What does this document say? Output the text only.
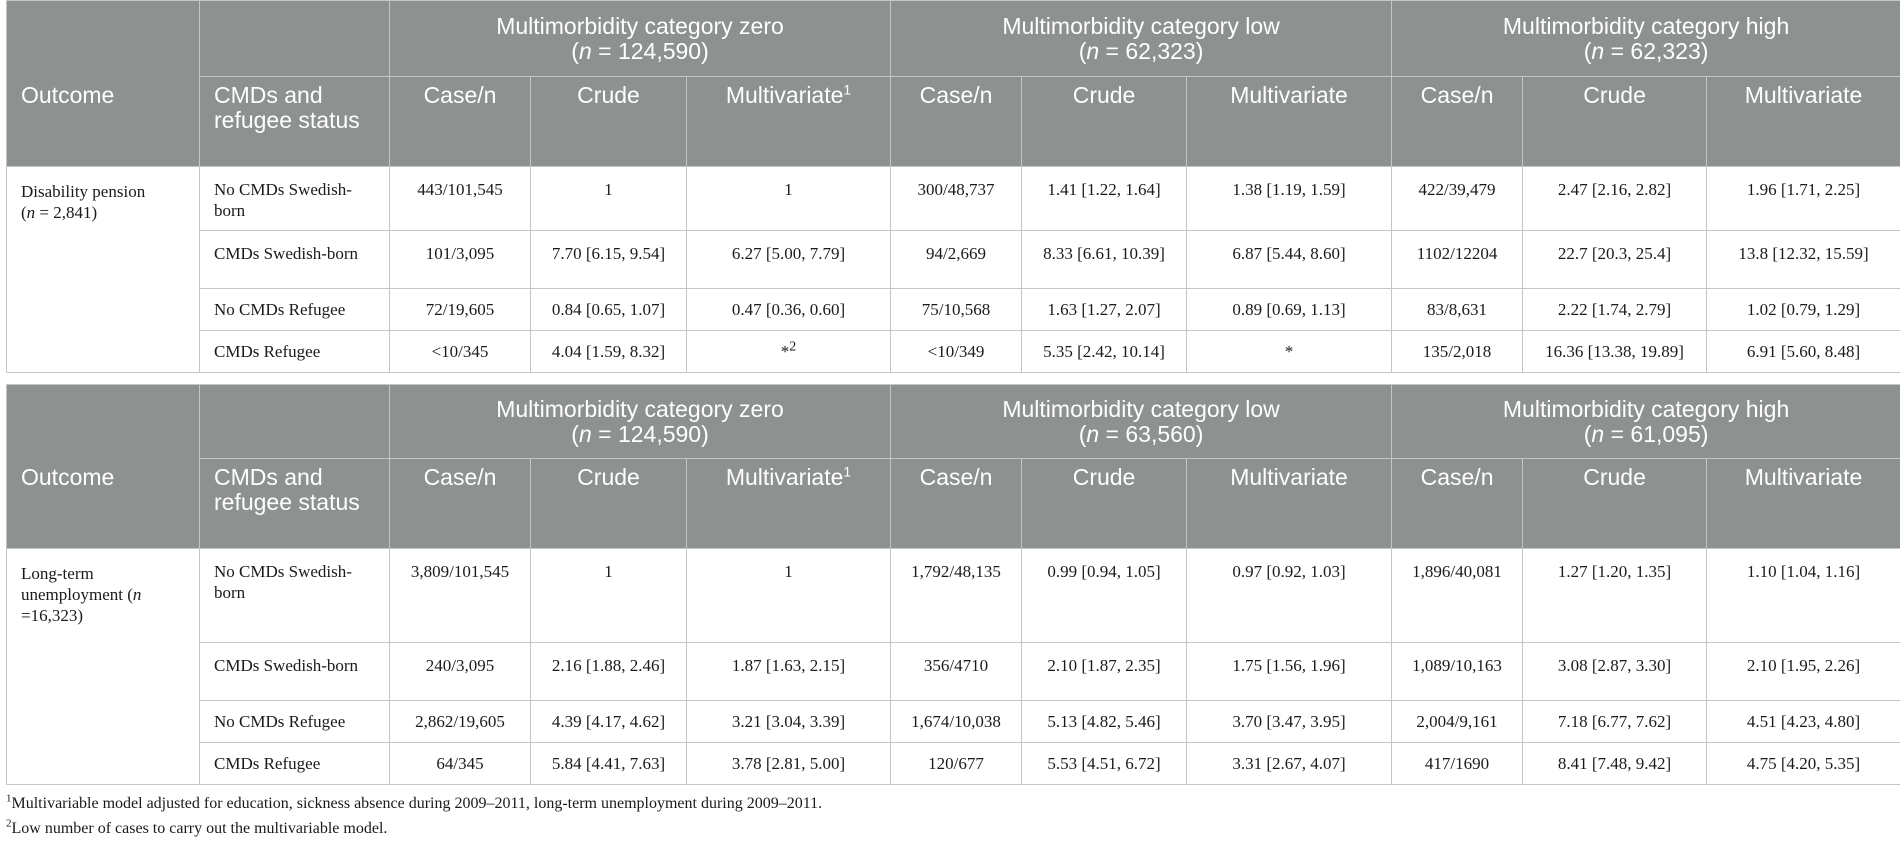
Outcome		Multimorbidity category zero
(n = 124,590)			Multimorbidity category low
(n = 62,323)			Multimorbidity category high
(n = 62,323)		
	CMDs and refugee status	Case/n	Crude	Multivariate$^1$	Case/n	Crude	Multivariate	Case/n	Crude	Multivariate
Disability pension
(n = 2,841)	No CMDs Swedish-born	443/101,545	1	1	300/48,737	1.41 [1.22, 1.64]	1.38 [1.19, 1.59]	422/39,479	2.47 [2.16, 2.82]	1.96 [1.71, 2.25]
	CMDs Swedish-born	101/3,095	7.70 [6.15, 9.54]	6.27 [5.00, 7.79]	94/2,669	8.33 [6.61, 10.39]	6.87 [5.44, 8.60]	1102/12204	22.7 [20.3, 25.4]	13.8 [12.32, 15.59]
	No CMDs Refugee	72/19,605	0.84 [0.65, 1.07]	0.47 [0.36, 0.60]	75/10,568	1.63 [1.27, 2.07]	0.89 [0.69, 1.13]	83/8,631	2.22 [1.74, 2.79]	1.02 [0.79, 1.29]
	CMDs Refugee	<10/345	4.04 [1.59, 8.32]	*$^2$	<10/349	5.35 [2.42, 10.14]	*	135/2,018	16.36 [13.38, 19.89]	6.91 [5.60, 8.48]
Outcome		Multimorbidity category zero
(n = 124,590)			Multimorbidity category low
(n = 63,560)			Multimorbidity category high
(n = 61,095)		
	CMDs and refugee status	Case/n	Crude	Multivariate$^1$	Case/n	Crude	Multivariate	Case/n	Crude	Multivariate
Long-term unemployment (n
=16,323)	No CMDs Swedish-born	3,809/101,545	1	1	1,792/48,135	0.99 [0.94, 1.05]	0.97 [0.92, 1.03]	1,896/40,081	1.27 [1.20, 1.35]	1.10 [1.04, 1.16]
	CMDs Swedish-born	240/3,095	2.16 [1.88, 2.46]	1.87 [1.63, 2.15]	356/4710	2.10 [1.87, 2.35]	1.75 [1.56, 1.96]	1,089/10,163	3.08 [2.87, 3.30]	2.10 [1.95, 2.26]
	No CMDs Refugee	2,862/19,605	4.39 [4.17, 4.62]	3.21 [3.04, 3.39]	1,674/10,038	5.13 [4.82, 5.46]	3.70 [3.47, 3.95]	2,004/9,161	7.18 [6.77, 7.62]	4.51 [4.23, 4.80]
	CMDs Refugee	64/345	5.84 [4.41, 7.63]	3.78 [2.81, 5.00]	120/677	5.53 [4.51, 6.72]	3.31 [2.67, 4.07]	417/1690	8.41 [7.48, 9.42]	4.75 [4.20, 5.35]
$^1$Multivariable model adjusted for education, sickness absence during 2009–2011, long-term unemployment during 2009–2011.
$^2$Low number of cases to carry out the multivariable model.
